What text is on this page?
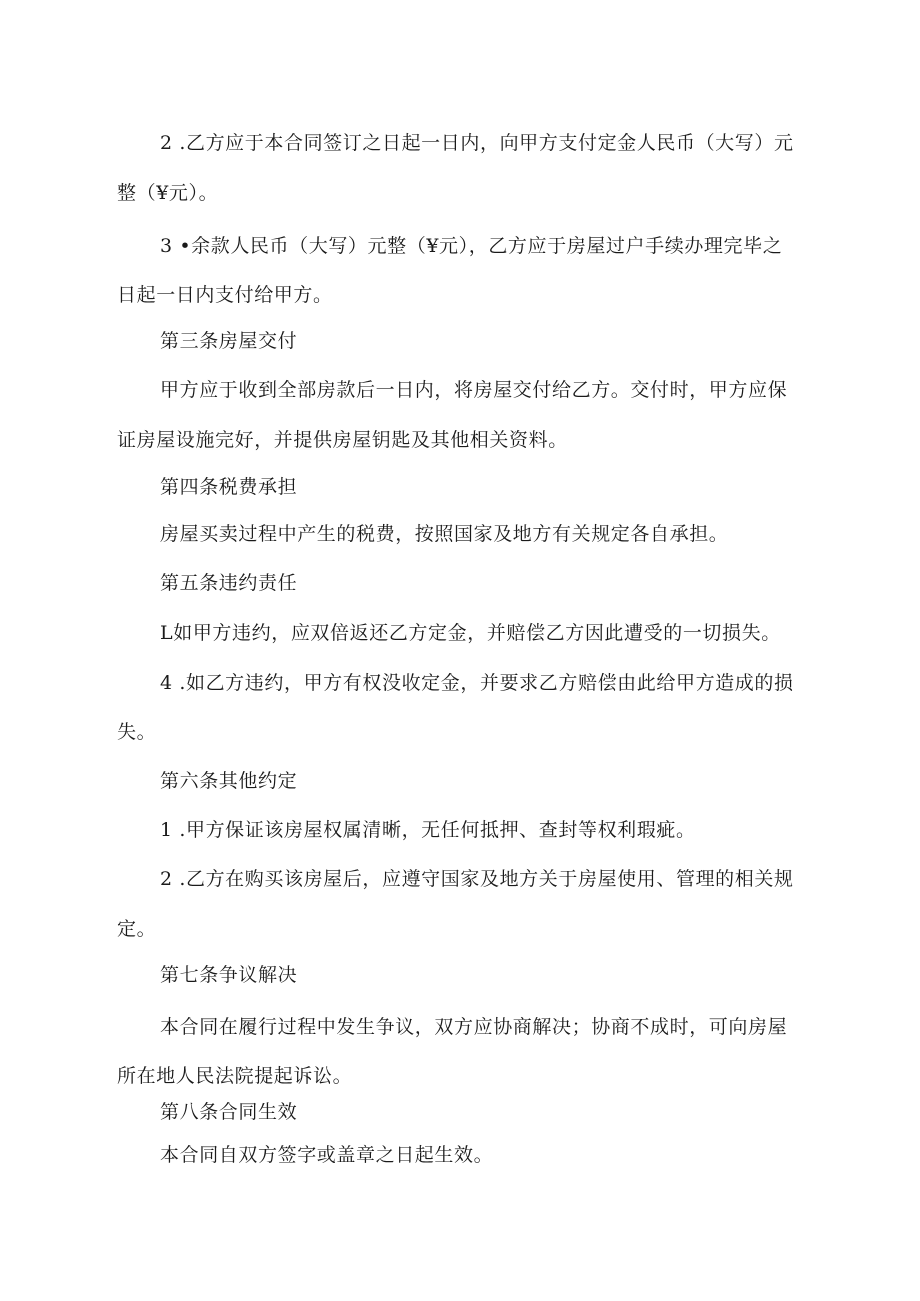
2 .乙方应于本合同签订之日起一日内，向甲方支付定金人民币（大写）元
整（¥元）。
3 •余款人民币（大写）元整（¥元），乙方应于房屋过户手续办理完毕之
日起一日内支付给甲方。
第三条房屋交付
甲方应于收到全部房款后一日内，将房屋交付给乙方。交付时，甲方应保
证房屋设施完好，并提供房屋钥匙及其他相关资料。
第四条税费承担
房屋买卖过程中产生的税费，按照国家及地方有关规定各自承担。
第五条违约责任
L如甲方违约，应双倍返还乙方定金，并赔偿乙方因此遭受的一切损失。
4 .如乙方违约，甲方有权没收定金，并要求乙方赔偿由此给甲方造成的损
失。
第六条其他约定
1 .甲方保证该房屋权属清晰，无任何抵押、查封等权利瑕疵。
2 .乙方在购买该房屋后，应遵守国家及地方关于房屋使用、管理的相关规
定。
第七条争议解决
本合同在履行过程中发生争议，双方应协商解决；协商不成时，可向房屋
所在地人民法院提起诉讼。
第八条合同生效
本合同自双方签字或盖章之日起生效。
